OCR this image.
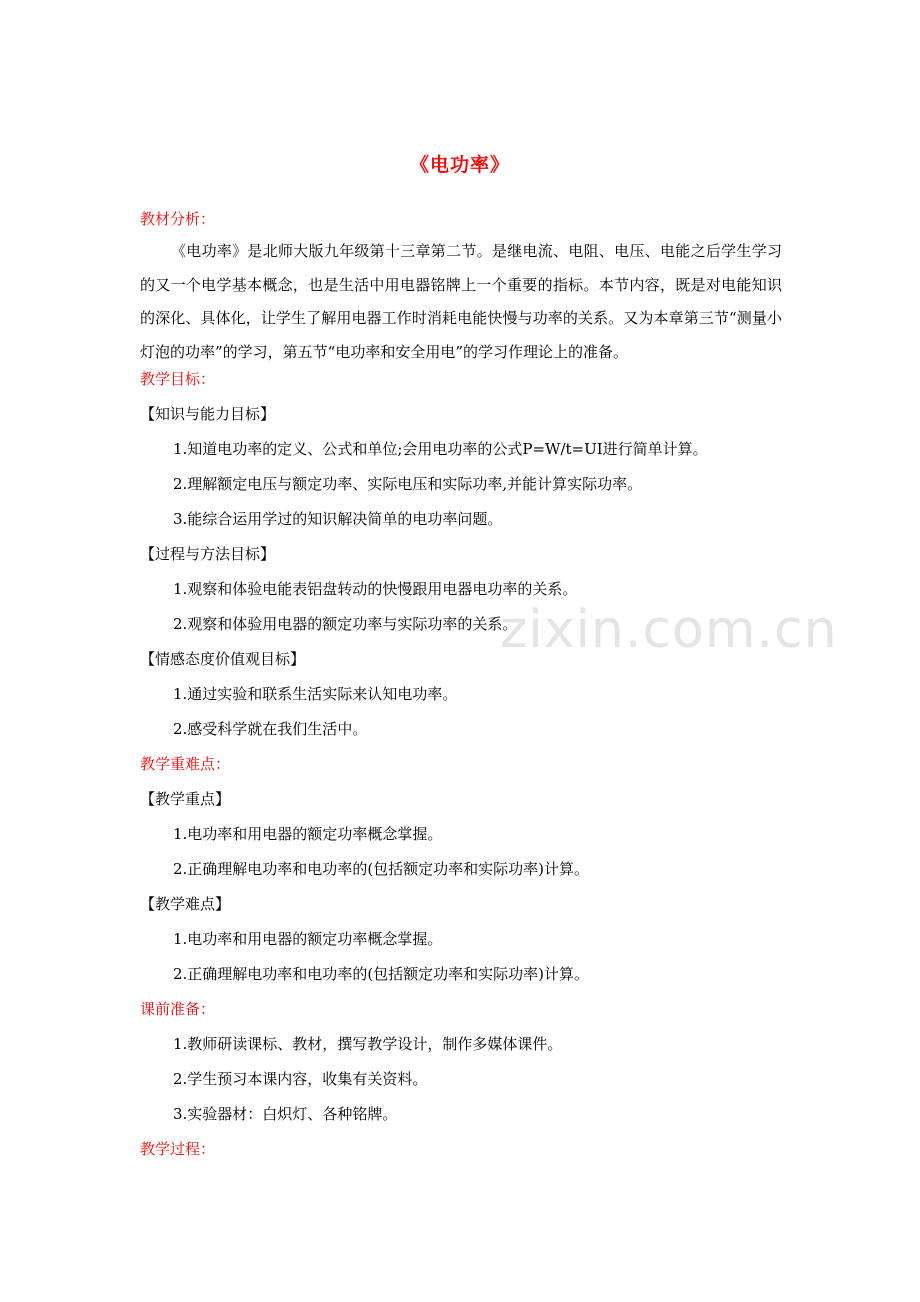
zixin.com.cn
《电功率》
教材分析：

《电功率》是北师大版九年级第十三章第二节。是继电流、电阻、电压、电能之后学生学习的又一个电学基本概念，也是生活中用电器铭牌上一个重要的指标。本节内容，既是对电能知识的深化、具体化，让学生了解用电器工作时消耗电能快慢与功率的关系。又为本章第三节“测量小灯泡的功率”的学习，第五节“电功率和安全用电”的学习作理论上的准备。

教学目标：
【知识与能力目标】
1.知道电功率的定义、公式和单位;会用电功率的公式P=W/t=UI进行简单计算。
2.理解额定电压与额定功率、实际电压和实际功率,并能计算实际功率。
3.能综合运用学过的知识解决简单的电功率问题。
【过程与方法目标】
1.观察和体验电能表铝盘转动的快慢跟用电器电功率的关系。
2.观察和体验用电器的额定功率与实际功率的关系。
【情感态度价值观目标】
1.通过实验和联系生活实际来认知电功率。
2.感受科学就在我们生活中。
教学重难点：
【教学重点】
1.电功率和用电器的额定功率概念掌握。
2.正确理解电功率和电功率的(包括额定功率和实际功率)计算。
【教学难点】
1.电功率和用电器的额定功率概念掌握。
2.正确理解电功率和电功率的(包括额定功率和实际功率)计算。
课前准备：
1.教师研读课标、教材，撰写教学设计，制作多媒体课件。
2.学生预习本课内容，收集有关资料。
3.实验器材：白炽灯、各种铭牌。
教学过程：
